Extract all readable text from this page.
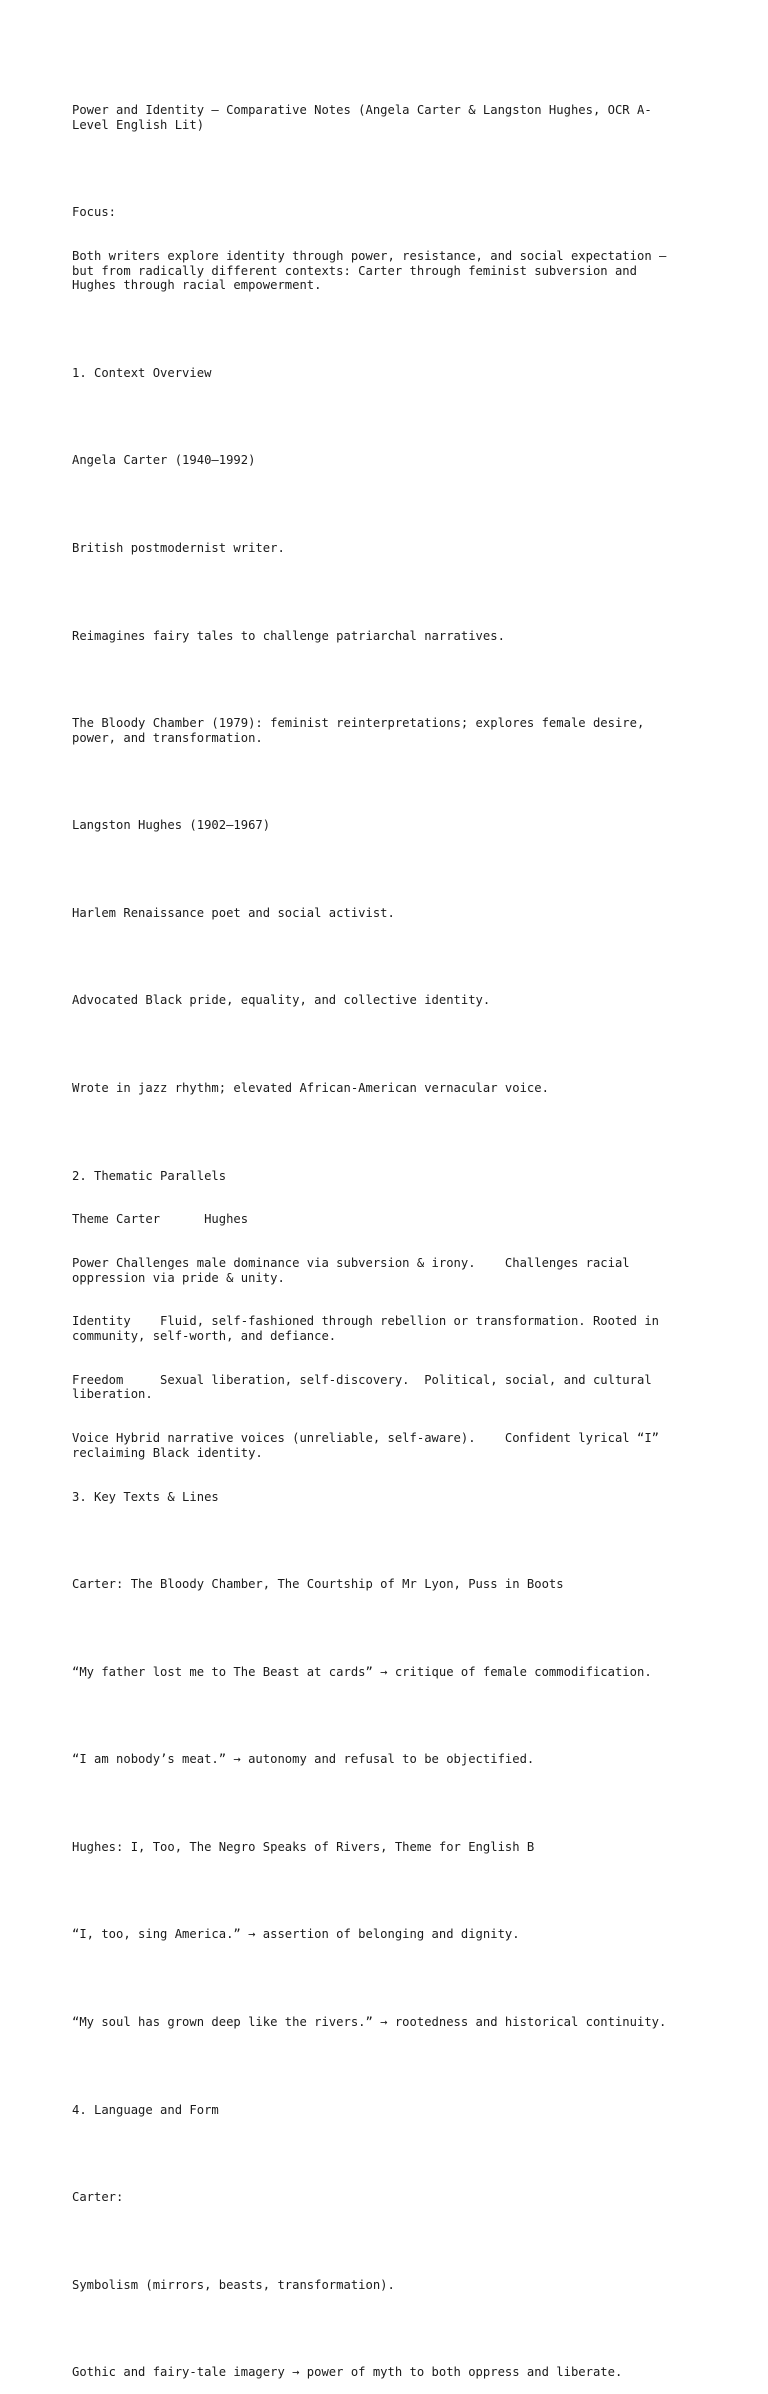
Power and Identity — Comparative Notes (Angela Carter & Langston Hughes, OCR A-
Level English Lit)

Focus:

Both writers explore identity through power, resistance, and social expectation —
but from radically different contexts: Carter through feminist subversion and
Hughes through racial empowerment.

1. Context Overview

Angela Carter (1940–1992)

British postmodernist writer.

Reimagines fairy tales to challenge patriarchal narratives.

The Bloody Chamber (1979): feminist reinterpretations; explores female desire,
power, and transformation.

Langston Hughes (1902–1967)

Harlem Renaissance poet and social activist.

Advocated Black pride, equality, and collective identity.

Wrote in jazz rhythm; elevated African-American vernacular voice.

2. Thematic Parallels

Theme Carter      Hughes

Power Challenges male dominance via subversion & irony.    Challenges racial
oppression via pride & unity.

Identity    Fluid, self-fashioned through rebellion or transformation. Rooted in
community, self-worth, and defiance.

Freedom     Sexual liberation, self-discovery.  Political, social, and cultural
liberation.

Voice Hybrid narrative voices (unreliable, self-aware).    Confident lyrical “I”
reclaiming Black identity.

3. Key Texts & Lines

Carter: The Bloody Chamber, The Courtship of Mr Lyon, Puss in Boots

“My father lost me to The Beast at cards” → critique of female commodification.

“I am nobody’s meat.” → autonomy and refusal to be objectified.

Hughes: I, Too, The Negro Speaks of Rivers, Theme for English B

“I, too, sing America.” → assertion of belonging and dignity.

“My soul has grown deep like the rivers.” → rootedness and historical continuity.

4. Language and Form

Carter:

Symbolism (mirrors, beasts, transformation).

Gothic and fairy-tale imagery → power of myth to both oppress and liberate.
